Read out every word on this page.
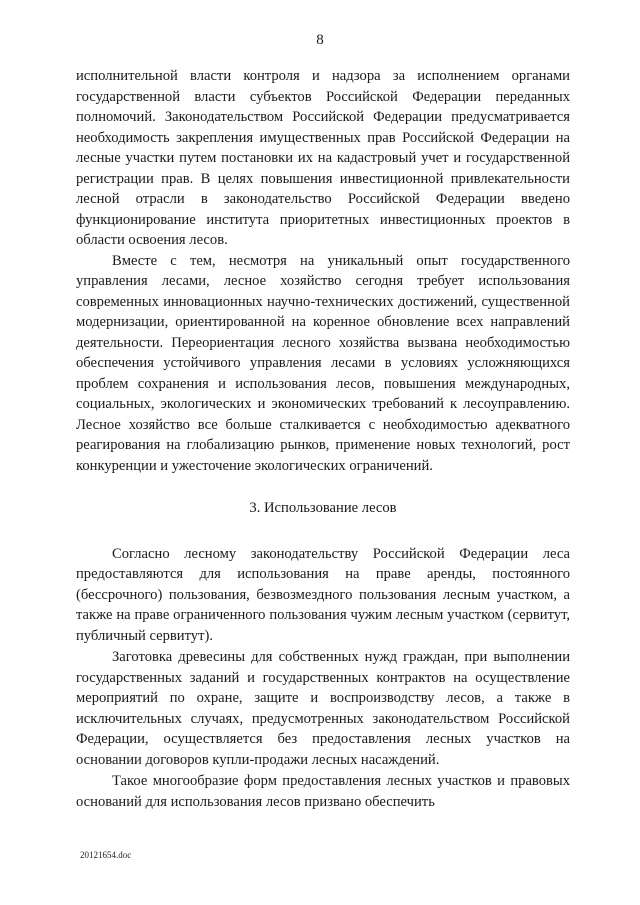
8

исполнительной власти контроля и надзора за исполнением органами государственной власти субъектов Российской Федерации переданных полномочий. Законодательством Российской Федерации предусматривается необходимость закрепления имущественных прав Российской Федерации на лесные участки путем постановки их на кадастровый учет и государственной регистрации прав. В целях повышения инвестиционной привлекательности лесной отрасли в законодательство Российской Федерации введено функционирование института приоритетных инвестиционных проектов в области освоения лесов.

Вместе с тем, несмотря на уникальный опыт государственного управления лесами, лесное хозяйство сегодня требует использования современных инновационных научно-технических достижений, существенной модернизации, ориентированной на коренное обновление всех направлений деятельности. Переориентация лесного хозяйства вызвана необходимостью обеспечения устойчивого управления лесами в условиях усложняющихся проблем сохранения и использования лесов, повышения международных, социальных, экологических и экономических требований к лесоуправлению. Лесное хозяйство все больше сталкивается с необходимостью адекватного реагирования на глобализацию рынков, применение новых технологий, рост конкуренции и ужесточение экологических ограничений.

3. Использование лесов

Согласно лесному законодательству Российской Федерации леса предоставляются для использования на праве аренды, постоянного (бессрочного) пользования, безвозмездного пользования лесным участком, а также на праве ограниченного пользования чужим лесным участком (сервитут, публичный сервитут).

Заготовка древесины для собственных нужд граждан, при выполнении государственных заданий и государственных контрактов на осуществление мероприятий по охране, защите и воспроизводству лесов, а также в исключительных случаях, предусмотренных законодательством Российской Федерации, осуществляется без предоставления лесных участков на основании договоров купли-продажи лесных насаждений.

Такое многообразие форм предоставления лесных участков и правовых оснований для использования лесов призвано обеспечить

20121654.doc
